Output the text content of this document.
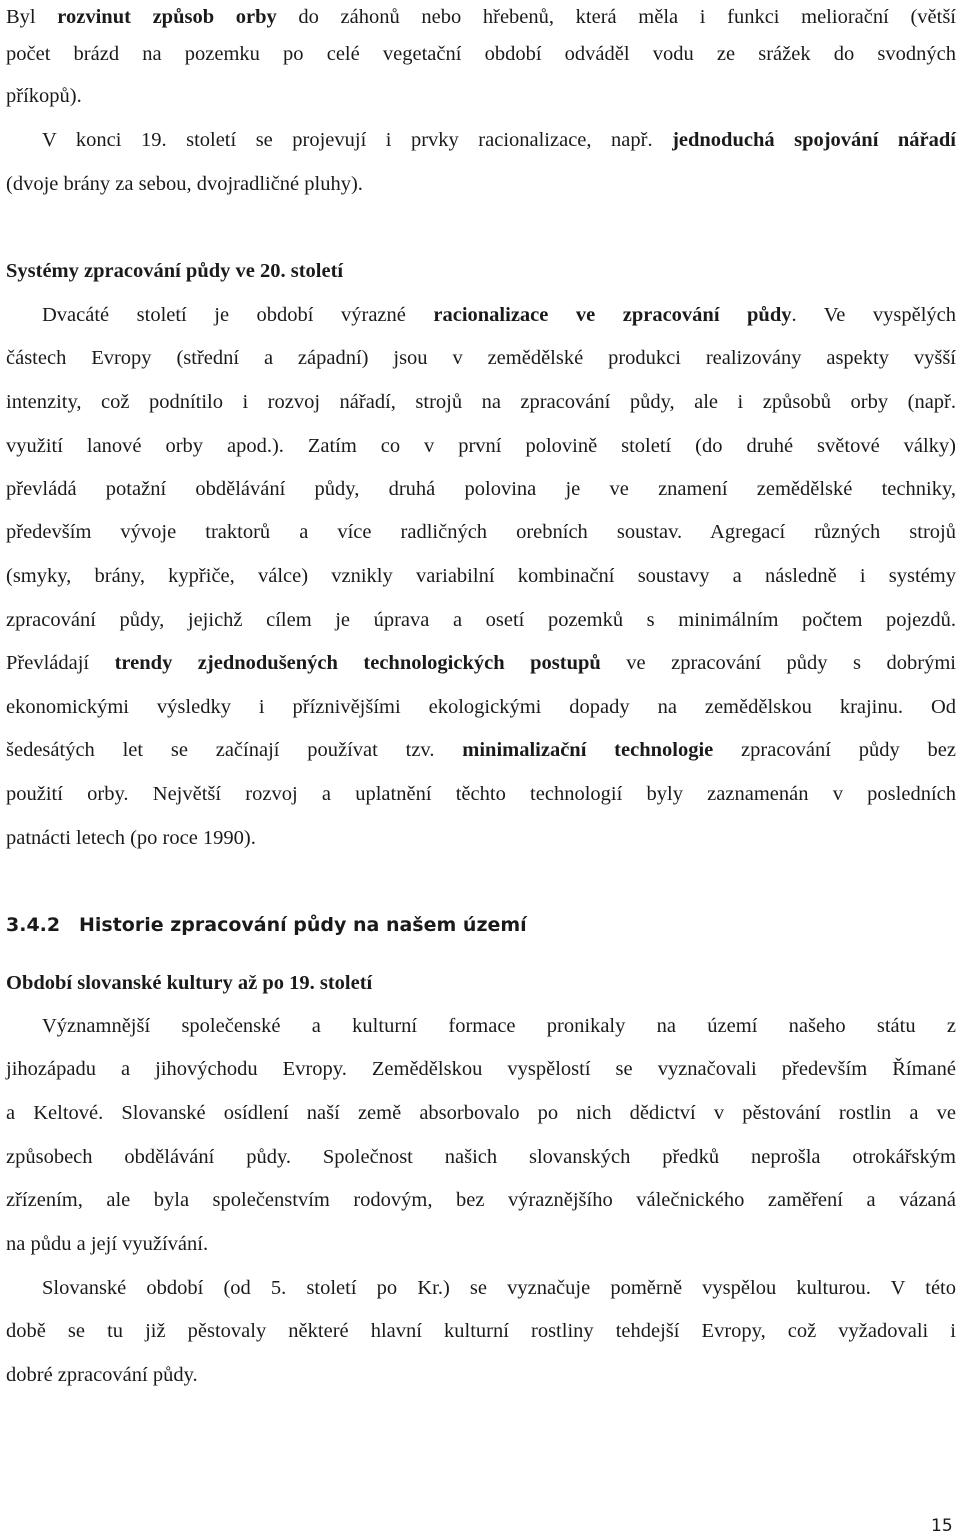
Byl rozvinut způsob orby do záhonů nebo hřebenů, která měla i funkci meliorační (větší
počet brázd na pozemku po celé vegetační období odváděl vodu ze srážek do svodných
příkopů).
V konci 19. století se projevují i prvky racionalizace, např. jednoduchá spojování nářadí
(dvoje brány za sebou, dvojradličné pluhy).
Systémy zpracování půdy ve 20. století
Dvacáté století je období výrazné racionalizace ve zpracování půdy. Ve vyspělých
částech Evropy (střední a západní) jsou v zemědělské produkci realizovány aspekty vyšší
intenzity, což podnítilo i rozvoj nářadí, strojů na zpracování půdy, ale i způsobů orby (např.
využití lanové orby apod.). Zatím co v první polovině století (do druhé světové války)
převládá potažní obdělávání půdy, druhá polovina je ve znamení zemědělské techniky,
především vývoje traktorů a více radličných orebních soustav. Agregací různých strojů
(smyky, brány, kypřiče, válce) vznikly variabilní kombinační soustavy a následně i systémy
zpracování půdy, jejichž cílem je úprava a osetí pozemků s minimálním počtem pojezdů.
Převládají trendy zjednodušených technologických postupů ve zpracování půdy s dobrými
ekonomickými výsledky i příznivějšími ekologickými dopady na zemědělskou krajinu. Od
šedesátých let se začínají používat tzv. minimalizační technologie zpracování půdy bez
použití orby. Největší rozvoj a uplatnění těchto technologií byly zaznamenán v posledních
patnácti letech (po roce 1990).
3.4.2 Historie zpracování půdy na našem území
Období slovanské kultury až po 19. století
Významnější společenské a kulturní formace pronikaly na území našeho státu z
jihozápadu a jihovýchodu Evropy. Zemědělskou vyspělostí se vyznačovali především Římané
a Keltové. Slovanské osídlení naší země absorbovalo po nich dědictví v pěstování rostlin a ve
způsobech obdělávání půdy. Společnost našich slovanských předků neprošla otrokářským
zřízením, ale byla společenstvím rodovým, bez výraznějšího válečnického zaměření a vázaná
na půdu a její využívání.
Slovanské období (od 5. století po Kr.) se vyznačuje poměrně vyspělou kulturou. V této
době se tu již pěstovaly některé hlavní kulturní rostliny tehdejší Evropy, což vyžadovali i
dobré zpracování půdy.
15
